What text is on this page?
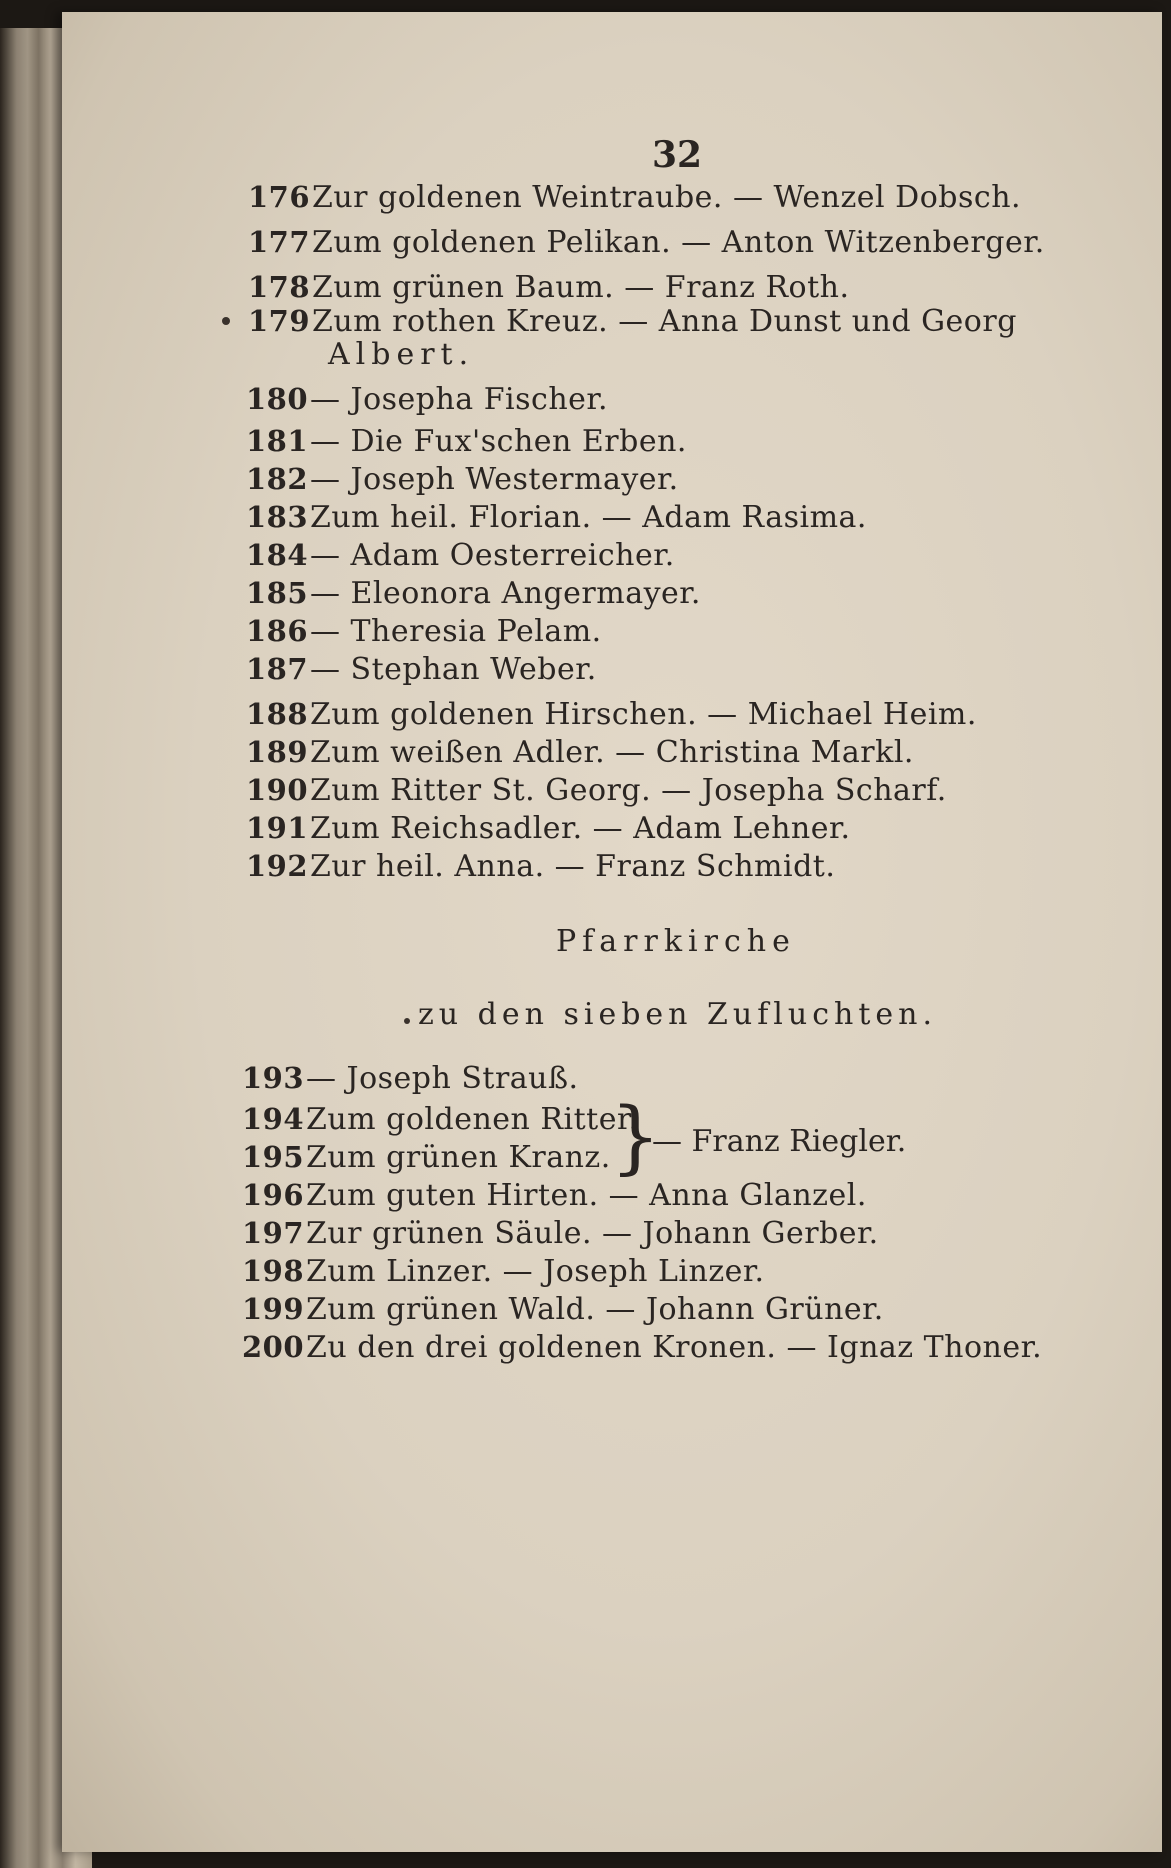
32
176 Zur goldenen Weintraube. — Wenzel Dobsch.
177 Zum goldenen Pelikan. — Anton Witzenberger.
178 Zum grünen Baum. — Franz Roth.
179 Zum rothen Kreuz. — Anna Dunst und Georg
Albert.
180 — Josepha Fischer.
181 — Die Fux'schen Erben.
182 — Joseph Westermayer.
183 Zum heil. Florian. — Adam Rasima.
184 — Adam Oesterreicher.
185 — Eleonora Angermayer.
186 — Theresia Pelam.
187 — Stephan Weber.
188 Zum goldenen Hirschen. — Michael Heim.
189 Zum weißen Adler. — Christina Markl.
190 Zum Ritter St. Georg. — Josepha Scharf.
191 Zum Reichsadler. — Adam Lehner.
192 Zur heil. Anna. — Franz Schmidt.
Pfarrkirche
zu den sieben Zufluchten.
193 — Joseph Strauß.
194 Zum goldenen Ritter.
195 Zum grünen Kranz. }
— Franz Riegler.
196 Zum guten Hirten. — Anna Glanzel.
197 Zur grünen Säule. — Johann Gerber.
198 Zum Linzer. — Joseph Linzer.
199 Zum grünen Wald. — Johann Grüner.
200 Zu den drei goldenen Kronen. — Ignaz Thoner.
